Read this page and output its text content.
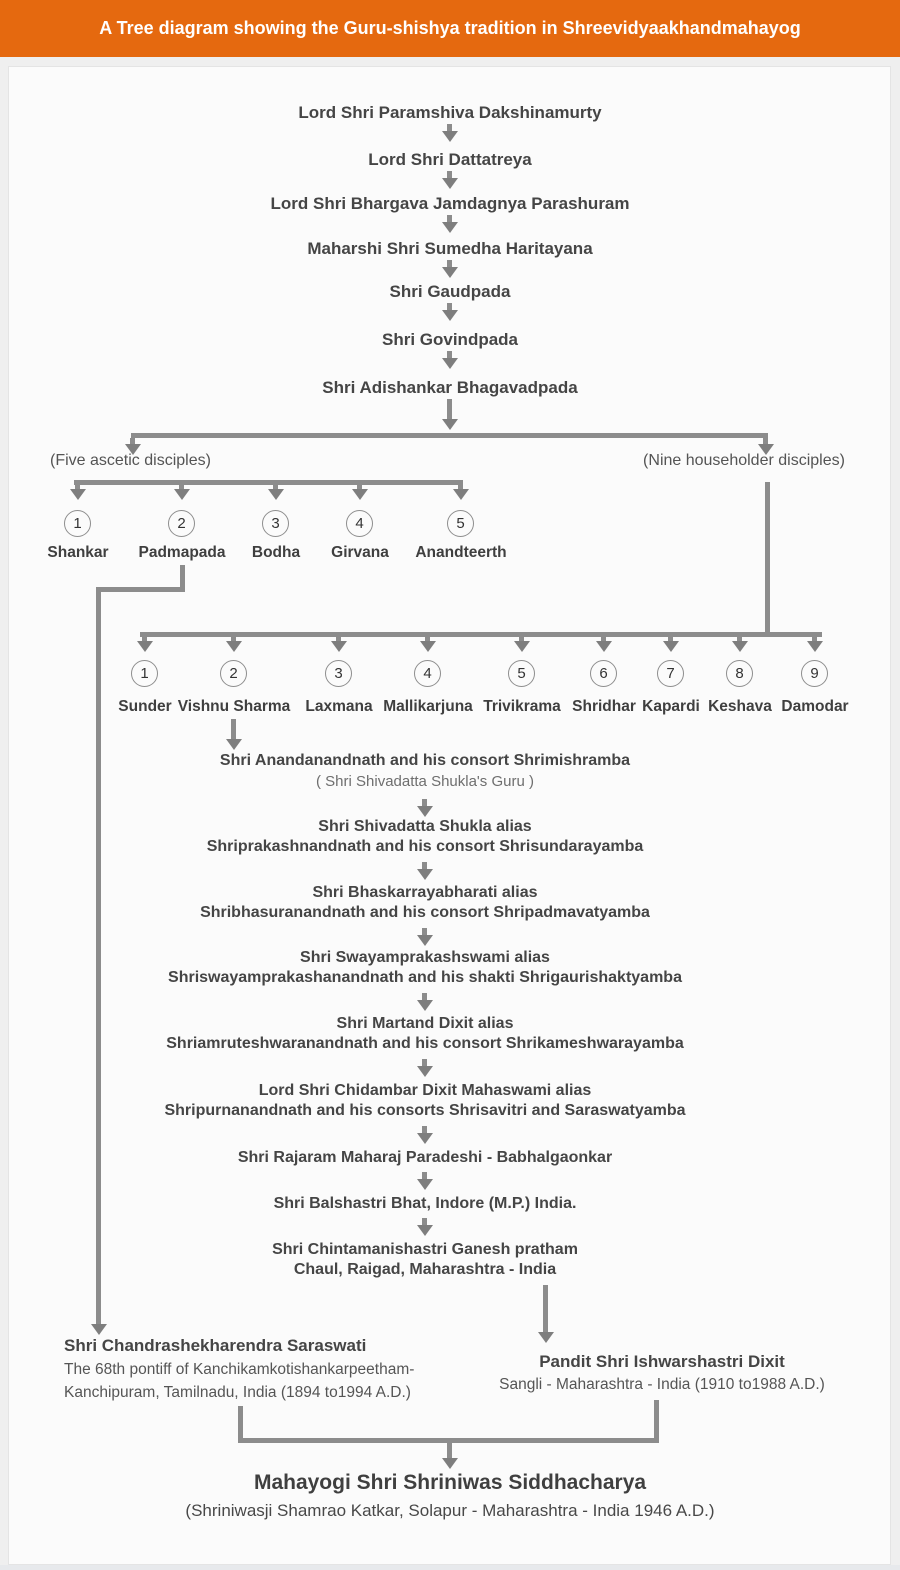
A Tree diagram showing the Guru-shishya tradition in Shreevidyaakhandmahayog
Lord Shri Paramshiva Dakshinamurty
Lord Shri Dattatreya
Lord Shri Bhargava Jamdagnya Parashuram
Maharshi Shri Sumedha Haritayana
Shri Gaudpada
Shri Govindpada
Shri Adishankar Bhagavadpada
(Five ascetic disciples)	(Nine householder disciples)
1	2	3	4	5
Shankar Padmapada Bodha Girvana Anandteerth
1	2	3	4	5	6	7	8	9
Sunder Vishnu Sharma Laxmana Mallikarjuna Trivikrama Shridhar Kapardi Keshava Damodar
Shri Anandanandnath and his consort Shrimishramba
( Shri Shivadatta Shukla's Guru )
Shri Shivadatta Shukla alias
Shriprakashnandnath and his consort Shrisundarayamba
Shri Bhaskarrayabharati alias
Shribhasuranandnath and his consort Shripadmavatyamba
Shri Swayamprakashswami alias
Shriswayamprakashanandnath and his shakti Shrigaurishaktyamba
Shri Martand Dixit alias
Shriamruteshwaranandnath and his consort Shrikameshwarayamba
Lord Shri Chidambar Dixit Mahaswami alias
Shripurnanandnath and his consorts Shrisavitri and Saraswatyamba
Shri Rajaram Maharaj Paradeshi - Babhalgaonkar
Shri Balshastri Bhat, Indore (M.P.) India.
Shri Chintamanishastri Ganesh pratham
Chaul, Raigad, Maharashtra - India
Shri Chandrashekharendra Saraswati
The 68th pontiff of Kanchikamkotishankarpeetham-
Kanchipuram, Tamilnadu, India (1894 to1994 A.D.)
Pandit Shri Ishwarshastri Dixit
Sangli - Maharashtra - India (1910 to1988 A.D.)
Mahayogi Shri Shriniwas Siddhacharya
(Shriniwasji Shamrao Katkar, Solapur - Maharashtra - India 1946 A.D.)
